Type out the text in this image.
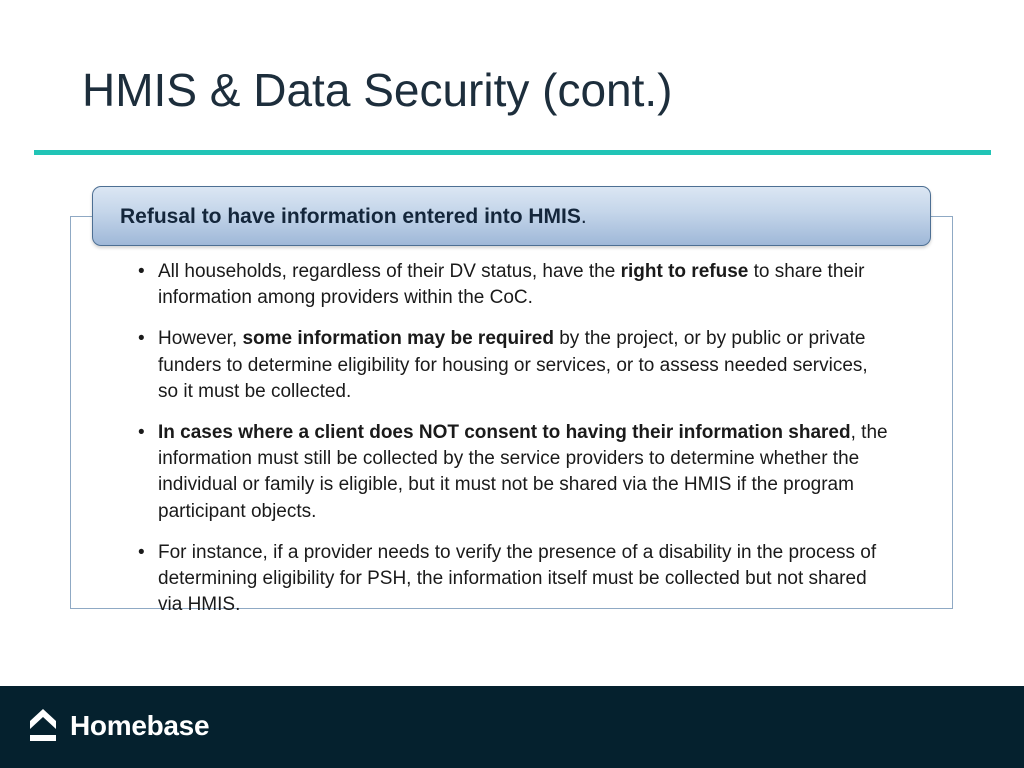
HMIS & Data Security (cont.)
Refusal to have information entered into HMIS.
• All households, regardless of their DV status, have the right to refuse to share their information among providers within the CoC.
• However, some information may be required by the project, or by public or private funders to determine eligibility for housing or services, or to assess needed services, so it must be collected.
• In cases where a client does NOT consent to having their information shared, the information must still be collected by the service providers to determine whether the individual or family is eligible, but it must not be shared via the HMIS if the program participant objects.
• For instance, if a provider needs to verify the presence of a disability in the process of determining eligibility for PSH, the information itself must be collected but not shared via HMIS.
Homebase
